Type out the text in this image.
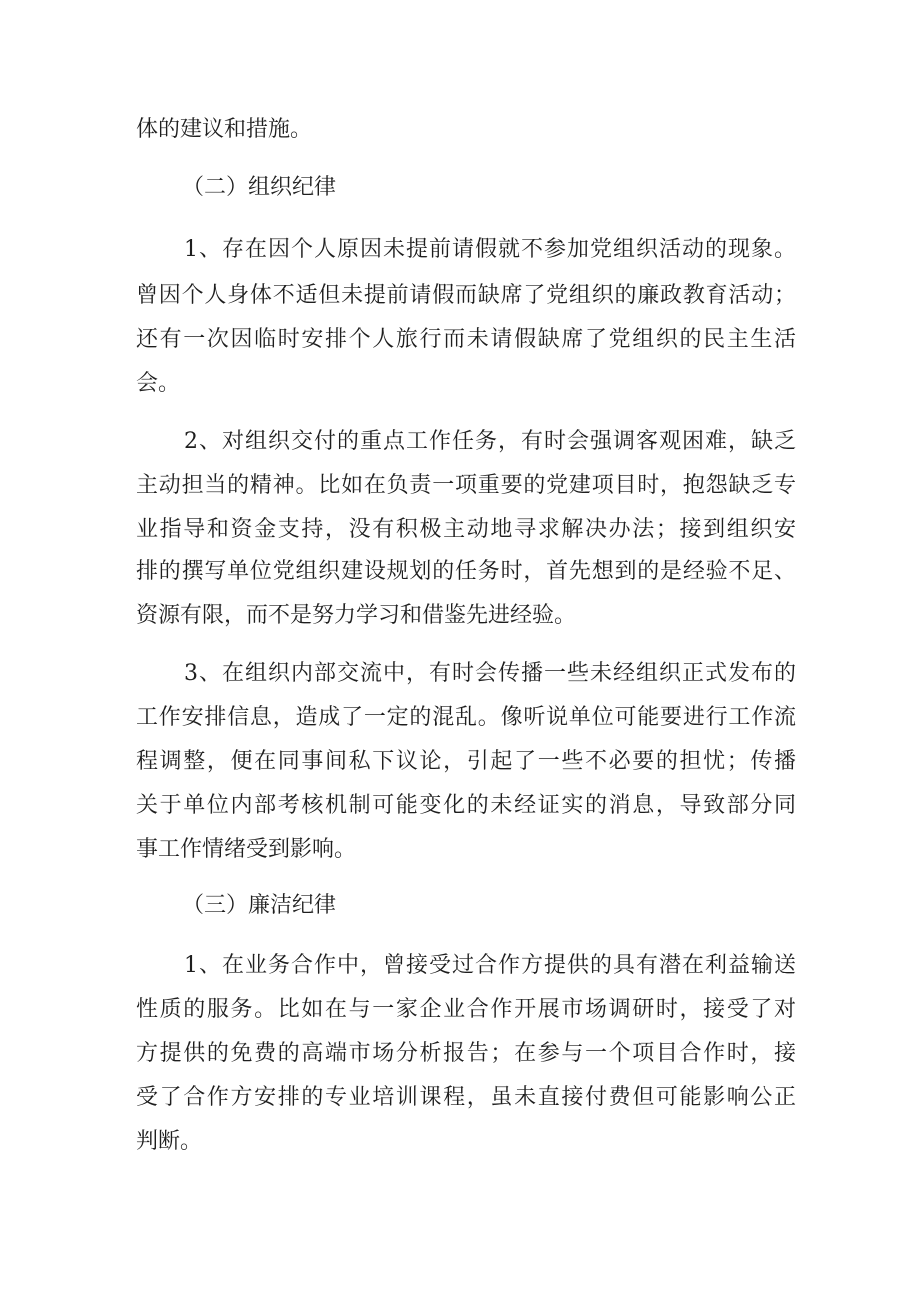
体的建议和措施。
（二）组织纪律
1、存在因个人原因未提前请假就不参加党组织活动的现象。
曾因个人身体不适但未提前请假而缺席了党组织的廉政教育活动；
还有一次因临时安排个人旅行而未请假缺席了党组织的民主生活
会。
2、对组织交付的重点工作任务，有时会强调客观困难，缺乏
主动担当的精神。比如在负责一项重要的党建项目时，抱怨缺乏专
业指导和资金支持，没有积极主动地寻求解决办法；接到组织安
排的撰写单位党组织建设规划的任务时，首先想到的是经验不足、
资源有限，而不是努力学习和借鉴先进经验。
3、在组织内部交流中，有时会传播一些未经组织正式发布的
工作安排信息，造成了一定的混乱。像听说单位可能要进行工作流
程调整，便在同事间私下议论，引起了一些不必要的担忧；传播
关于单位内部考核机制可能变化的未经证实的消息，导致部分同
事工作情绪受到影响。
（三）廉洁纪律
1、在业务合作中，曾接受过合作方提供的具有潜在利益输送
性质的服务。比如在与一家企业合作开展市场调研时，接受了对
方提供的免费的高端市场分析报告；在参与一个项目合作时，接
受了合作方安排的专业培训课程，虽未直接付费但可能影响公正
判断。
